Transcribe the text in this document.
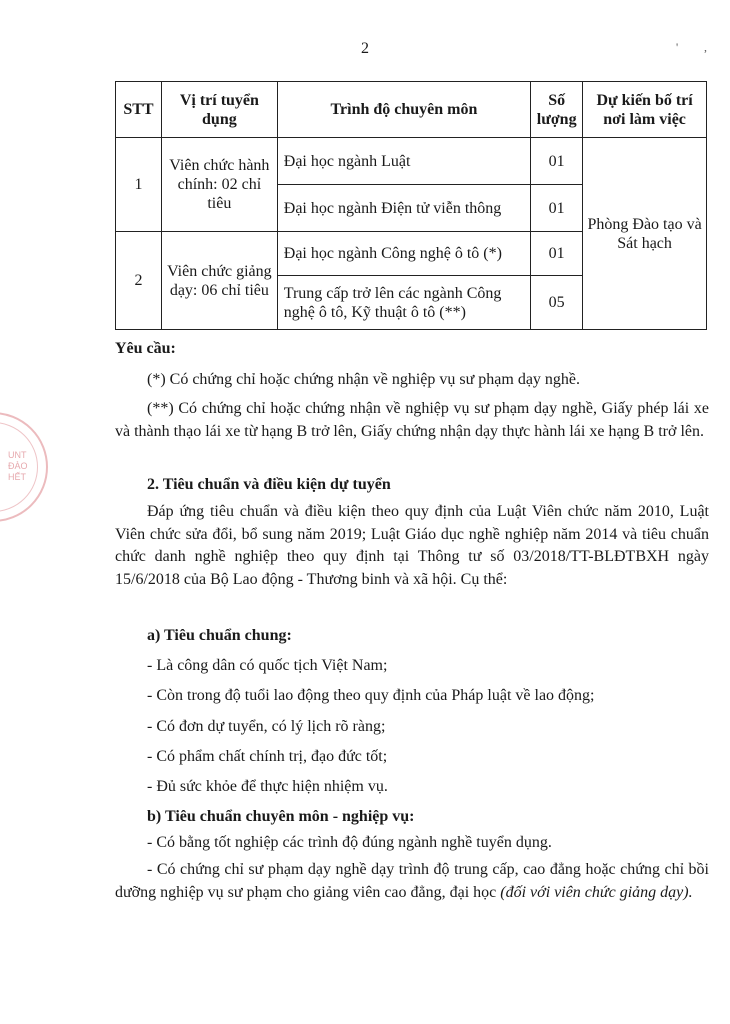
2	' ,
STT	Vị trí tuyển dụng	Trình độ chuyên môn	Số lượng	Dự kiến bố trí nơi làm việc
1	Viên chức hành chính: 02 chỉ tiêu	Đại học ngành Luật	01	Phòng Đào tạo và Sát hạch
		Đại học ngành Điện tử viễn thông	01	
2	Viên chức giảng dạy: 06 chỉ tiêu	Đại học ngành Công nghệ ô tô (*)	01	
		Trung cấp trở lên các ngành Công nghệ ô tô, Kỹ thuật ô tô (**)	05	
UNT ĐÀO HẾT
Yêu cầu:
(*) Có chứng chỉ hoặc chứng nhận về nghiệp vụ sư phạm dạy nghề.
(**) Có chứng chỉ hoặc chứng nhận về nghiệp vụ sư phạm dạy nghề, Giấy phép lái xe và thành thạo lái xe từ hạng B trở lên, Giấy chứng nhận dạy thực hành lái xe hạng B trở lên.
2. Tiêu chuẩn và điều kiện dự tuyển
Đáp ứng tiêu chuẩn và điều kiện theo quy định của Luật Viên chức năm 2010, Luật Viên chức sửa đổi, bổ sung năm 2019; Luật Giáo dục nghề nghiệp năm 2014 và tiêu chuẩn chức danh nghề nghiệp theo quy định tại Thông tư số 03/2018/TT-BLĐTBXH ngày 15/6/2018 của Bộ Lao động - Thương binh và xã hội. Cụ thể:
a) Tiêu chuẩn chung:
- Là công dân có quốc tịch Việt Nam;
- Còn trong độ tuổi lao động theo quy định của Pháp luật về lao động;
- Có đơn dự tuyển, có lý lịch rõ ràng;
- Có phẩm chất chính trị, đạo đức tốt;
- Đủ sức khỏe để thực hiện nhiệm vụ.
b) Tiêu chuẩn chuyên môn - nghiệp vụ:
- Có bằng tốt nghiệp các trình độ đúng ngành nghề tuyển dụng.
- Có chứng chỉ sư phạm dạy nghề dạy trình độ trung cấp, cao đẳng hoặc chứng chỉ bồi dưỡng nghiệp vụ sư phạm cho giảng viên cao đẳng, đại học (đối với viên chức giảng dạy).
